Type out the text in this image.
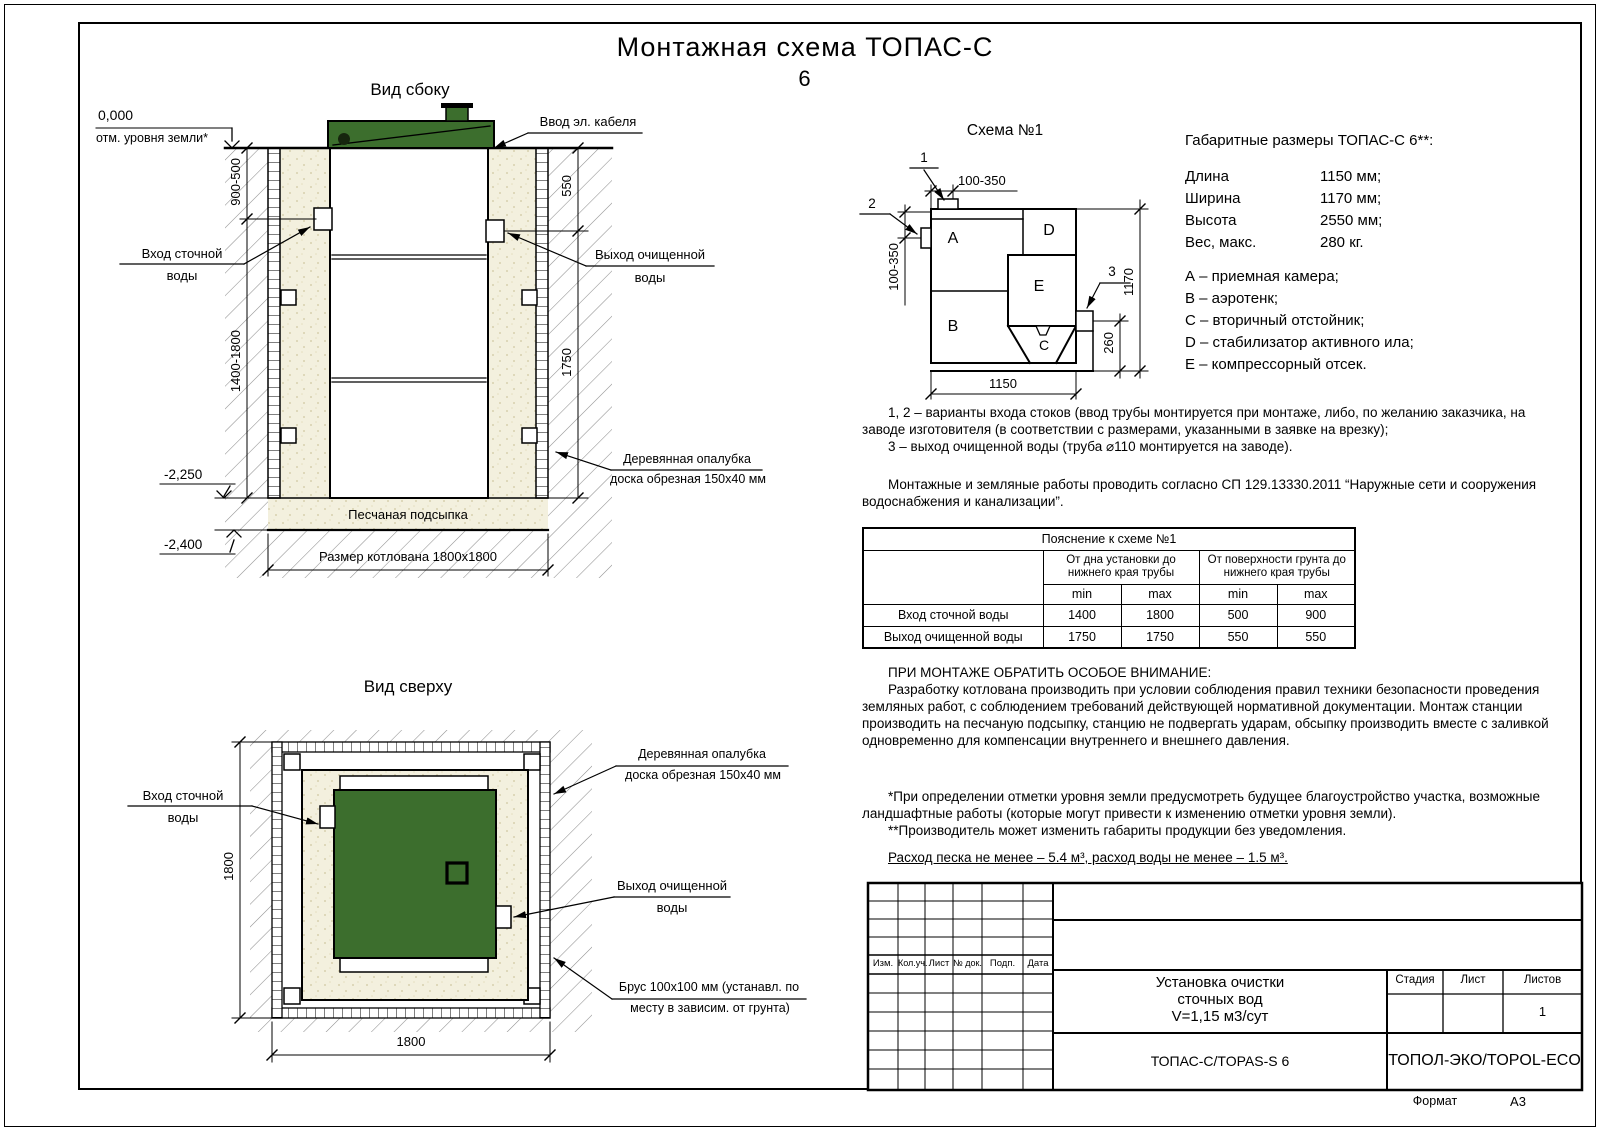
Монтажная схема ТОПАС-С
6
Вид сбоку
0,000
отм. уровня земли*
Ввод эл. кабеля
Вход сточной
воды
Выход очищенной
воды
Деревянная опалубка
доска обрезная 150х40 мм
Песчаная подсыпка
Размер котлована 1800х1800
-2,250
-2,400
900-500
1400-1800
550
1750
Вид сверху
Вход сточной
воды
Деревянная опалубка
доска обрезная 150х40 мм
Выход очищенной
воды
Брус 100х100 мм (устанавл. по
месту в зависим. от грунта)
1800
1800
Схема №1
1
2
3
A
B
C
D
E
100-350
100-350	1170
260
1150
Габаритные размеры ТОПАС-С 6**:
Длина	1150 мм;
Ширина	1170 мм;
Высота	2550 мм;
Вес, макс.	280 кг.
А – приемная камера;
В – аэротенк;
С – вторичный отстойник;
D – стабилизатор активного ила;
Е – компрессорный отсек.

1, 2 – варианты входа стоков (ввод трубы монтируется при монтаже, либо, по желанию заказчика, на заводе изготовителя (в соответствии с размерами, указанными в заявке на врезку);

3 – выход очищенной воды (труба ⌀110 монтируется на заводе).

Монтажные и земляные работы проводить согласно СП 129.13330.2011 “Наружные сети и сооружения водоснабжения и канализации”.

Пояснение к схеме №1				
	От дна установки до нижнего края трубы		От поверхности грунта до нижнего края трубы	
	min	max	min	max
Вход сточной воды	1400	1800	500	900
Выход очищенной воды	1750	1750	550	550

ПРИ МОНТАЖЕ ОБРАТИТЬ ОСОБОЕ ВНИМАНИЕ:

Разработку котлована производить при условии соблюдения правил техники безопасности проведения земляных работ, с соблюдением требований действующей нормативной документации. Монтаж станции производить на песчаную подсыпку, станцию не подвергать ударам, обсыпку производить вместе с заливкой одновременно для компенсации внутреннего и внешнего давления.

*При определении отметки уровня земли предусмотреть будущее благоустройство участка, возможные ландшафтные работы (которые могут привести к изменению отметки уровня земли).

**Производитель может изменить габариты продукции без уведомления.

Расход песка не менее – 5.4 м³, расход воды не менее – 1.5 м³.
Изм. Кол.уч. Лист № док. Подп.	Дата
Установка очистки
сточных вод
V=1,15 м3/сут
ТОПАС-С/TOPAS-S 6	ТОПОЛ-ЭКО/TOPOL-ECO
Стадия	Лист	Листов
1
Формат	А3
